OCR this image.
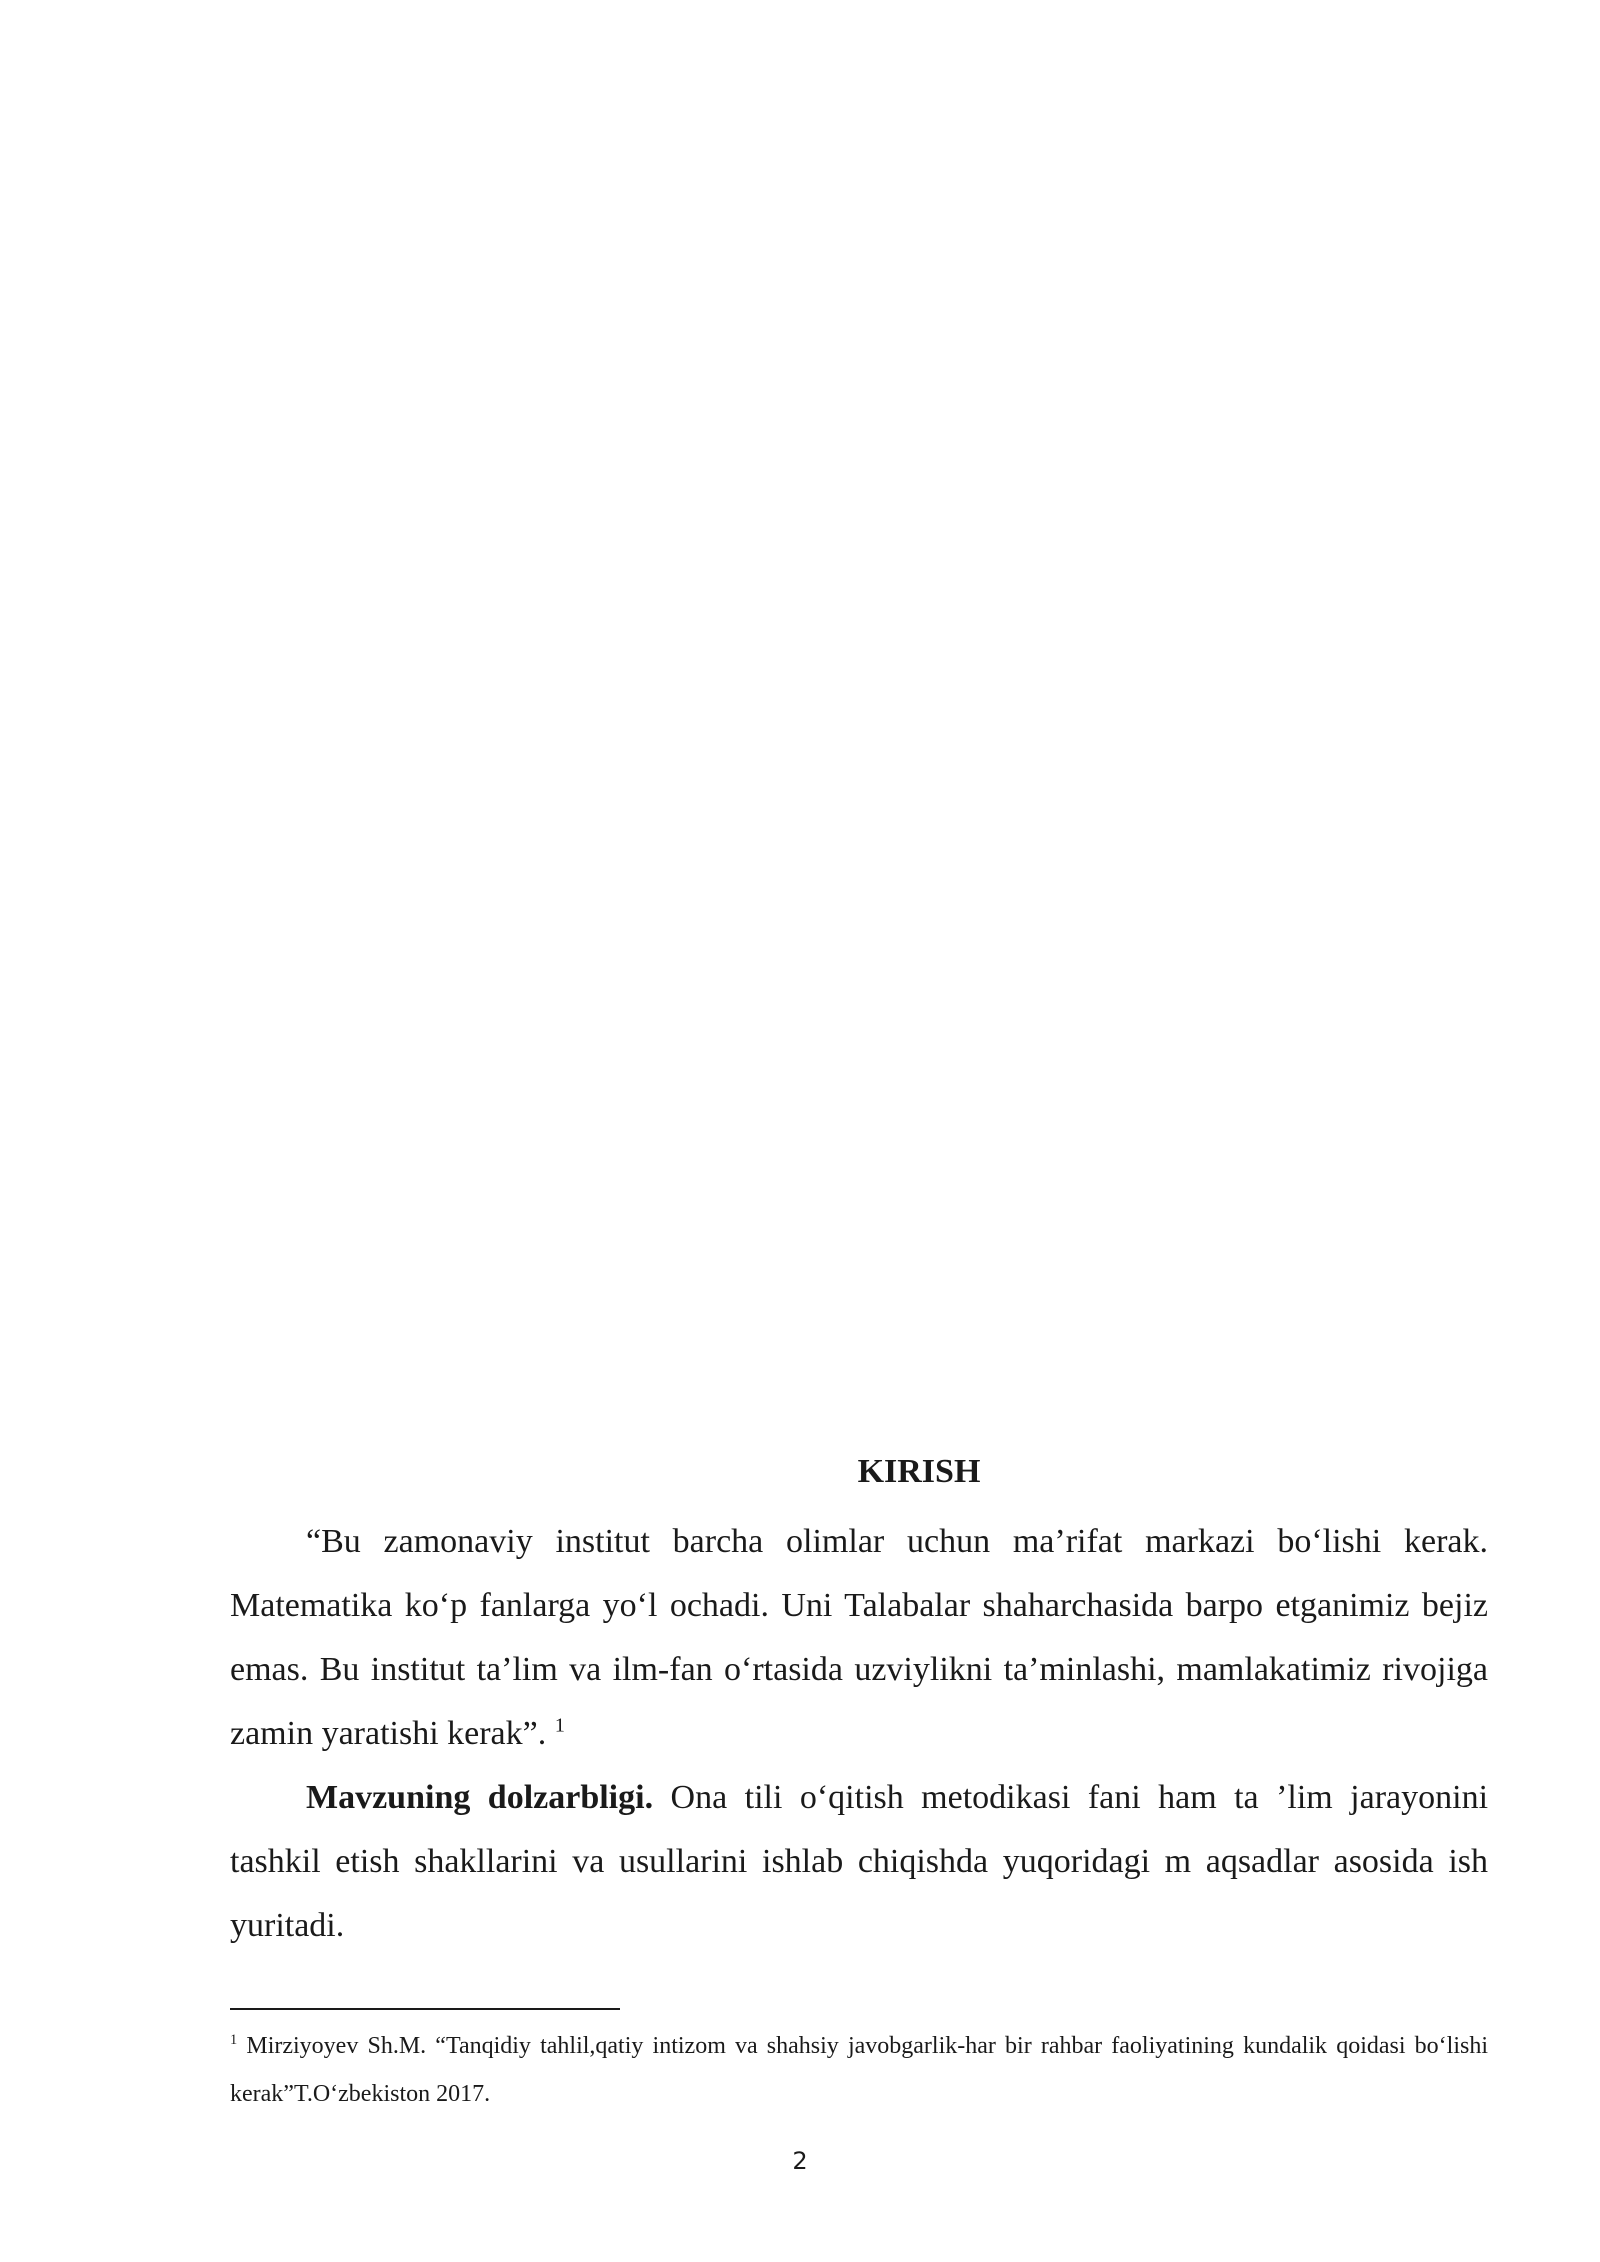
KIRISH

“Bu zamonaviy institut barcha olimlar uchun ma’rifat markazi bo‘lishi kerak. Matematika ko‘p fanlarga yo‘l ochadi. Uni Talabalar shaharchasida barpo etganimiz bejiz emas. Bu institut ta’lim va ilm-fan o‘rtasida uzviylikni ta’minlashi, mamlakatimiz rivojiga zamin yaratishi kerak”. $^1$

Mavzuning dolzarbligi. Ona tili o‘qitish metodikasi fani ham ta ’lim jarayonini tashkil etish shakllarini va usullarini ishlab chiqishda yuqoridagi m aqsadlar asosida ish yuritadi.

$^1$ Mirziyoyev Sh.M. “Tanqidiy tahlil,qatiy intizom va shahsiy javobgarlik-har bir rahbar faoliyatining kundalik qoidasi bo‘lishi kerak”T.O‘zbekiston 2017.

2
